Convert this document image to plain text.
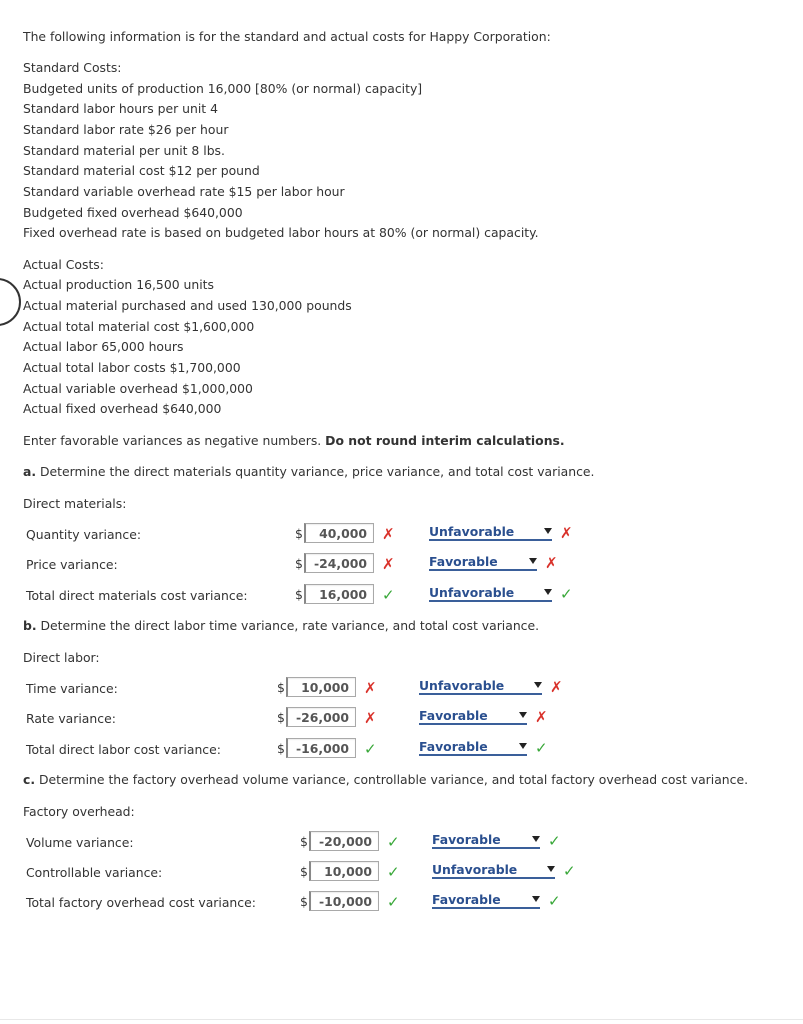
The following information is for the standard and actual costs for Happy Corporation:
Standard Costs:
Budgeted units of production 16,000 [80% (or normal) capacity]
Standard labor hours per unit 4
Standard labor rate $26 per hour
Standard material per unit 8 lbs.
Standard material cost $12 per pound
Standard variable overhead rate $15 per labor hour
Budgeted fixed overhead $640,000
Fixed overhead rate is based on budgeted labor hours at 80% (or normal) capacity.
Actual Costs:
Actual production 16,500 units
Actual material purchased and used 130,000 pounds
Actual total material cost $1,600,000
Actual labor 65,000 hours
Actual total labor costs $1,700,000
Actual variable overhead $1,000,000
Actual fixed overhead $640,000
Enter favorable variances as negative numbers. Do not round interim calculations.
a. Determine the direct materials quantity variance, price variance, and total cost variance.
Direct materials:
Quantity variance:	$	40,000	✗	Unfavorable	✗
Price variance:	$ -24,000	✗	Favorable	✗
Total direct materials cost variance:	$	16,000	✓	Unfavorable	✓
b. Determine the direct labor time variance, rate variance, and total cost variance.
Direct labor:
Time variance:	$	10,000	✗	Unfavorable	✗
Rate variance:	$ -26,000	✗	Favorable	✗
Total direct labor cost variance:	$ -16,000	✓	Favorable	✓
c. Determine the factory overhead volume variance, controllable variance, and total factory overhead cost variance.
Factory overhead:
Volume variance:	$ -20,000	✓	Favorable	✓
Controllable variance:	$	10,000	✓	Unfavorable	✓
Total factory overhead cost variance:	$ -10,000	✓	Favorable	✓
